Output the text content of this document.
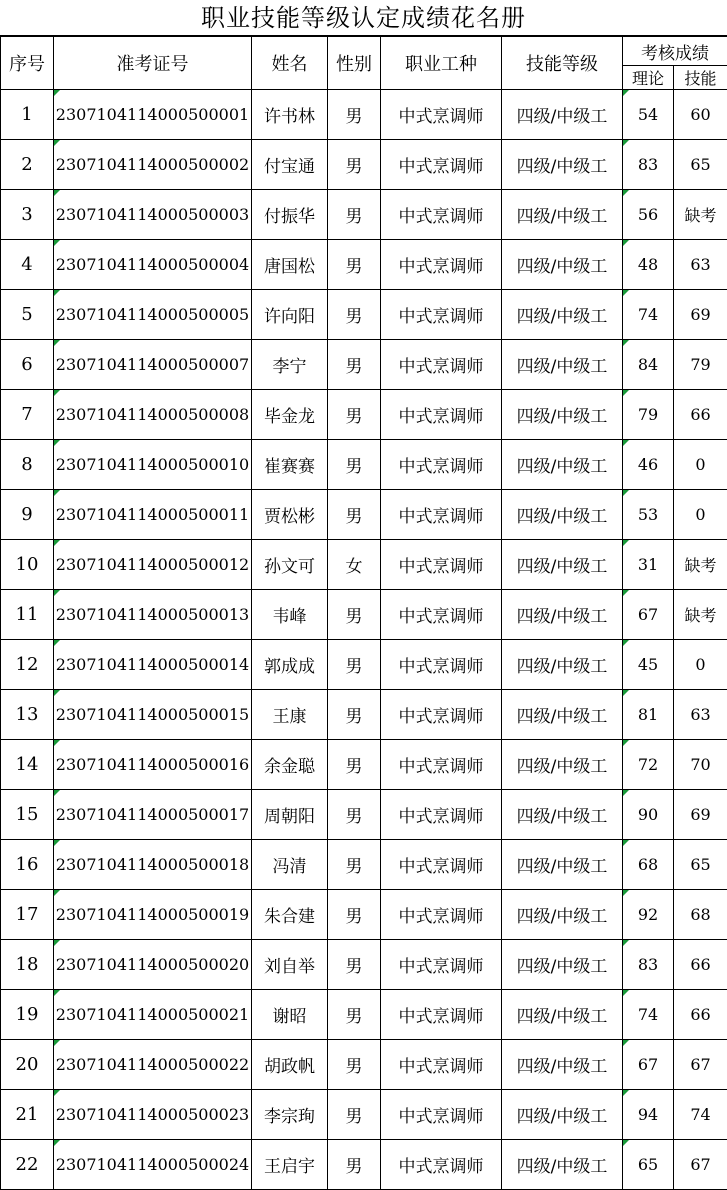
职业技能等级认定成绩花名册
序号	准考证号	姓名	性别	职业工种	技能等级	考核成绩	
						理论	技能
1	2307104114000500001	许书林	男	中式烹调师	四级/中级工	54	60
2	2307104114000500002	付宝通	男	中式烹调师	四级/中级工	83	65
3	2307104114000500003	付振华	男	中式烹调师	四级/中级工	56	缺考
4	2307104114000500004	唐国松	男	中式烹调师	四级/中级工	48	63
5	2307104114000500005	许向阳	男	中式烹调师	四级/中级工	74	69
6	2307104114000500007	李宁	男	中式烹调师	四级/中级工	84	79
7	2307104114000500008	毕金龙	男	中式烹调师	四级/中级工	79	66
8	2307104114000500010	崔赛赛	男	中式烹调师	四级/中级工	46	0
9	2307104114000500011	贾松彬	男	中式烹调师	四级/中级工	53	0
10	2307104114000500012	孙文可	女	中式烹调师	四级/中级工	31	缺考
11	2307104114000500013	韦峰	男	中式烹调师	四级/中级工	67	缺考
12	2307104114000500014	郭成成	男	中式烹调师	四级/中级工	45	0
13	2307104114000500015	王康	男	中式烹调师	四级/中级工	81	63
14	2307104114000500016	余金聪	男	中式烹调师	四级/中级工	72	70
15	2307104114000500017	周朝阳	男	中式烹调师	四级/中级工	90	69
16	2307104114000500018	冯清	男	中式烹调师	四级/中级工	68	65
17	2307104114000500019	朱合建	男	中式烹调师	四级/中级工	92	68
18	2307104114000500020	刘自举	男	中式烹调师	四级/中级工	83	66
19	2307104114000500021	谢昭	男	中式烹调师	四级/中级工	74	66
20	2307104114000500022	胡政帆	男	中式烹调师	四级/中级工	67	67
21	2307104114000500023	李宗珣	男	中式烹调师	四级/中级工	94	74
22	2307104114000500024	王启宇	男	中式烹调师	四级/中级工	65	67
